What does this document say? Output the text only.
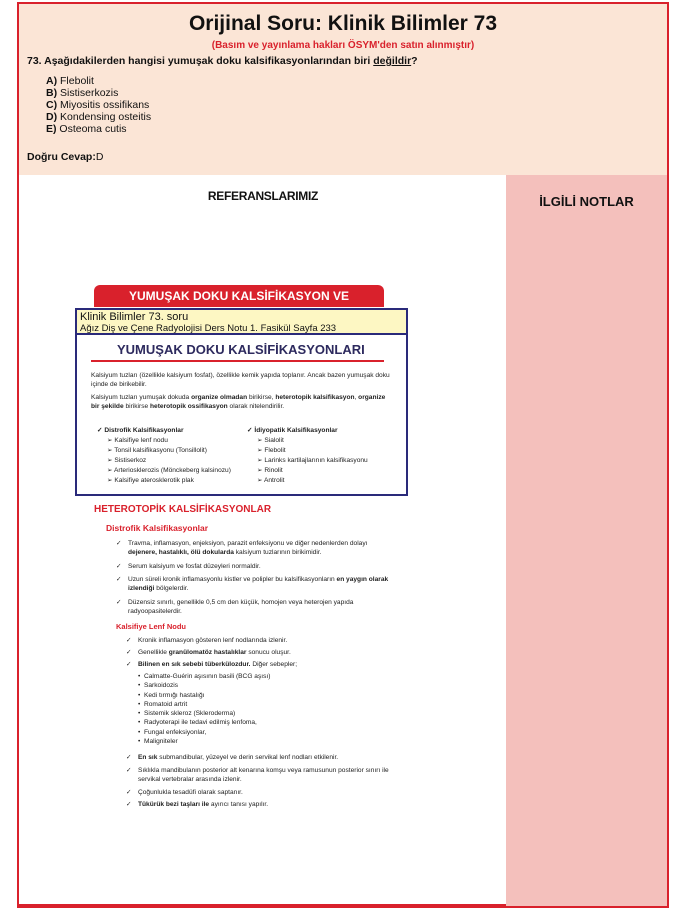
Orijinal Soru: Klinik Bilimler 73
(Basım ve yayınlama hakları ÖSYM'den satın alınmıştır)
73. Aşağıdakilerden hangisi yumuşak doku kalsifikasyonlarından biri değildir?
A) Flebolit
B) Sistiserkozis
C) Miyositis ossifikans
D) Kondensing osteitis
E) Osteoma cutis
Doğru Cevap:D
REFERANSLARIMIZ	İLGİLİ NOTLAR
YUMUŞAK DOKU KALSİFİKASYON VE
Klinik Bilimler 73. soru
Ağız Diş ve Çene Radyolojisi Ders Notu 1. Fasikül Sayfa 233
YUMUŞAK DOKU KALSİFİKASYONLARI
Kalsiyum tuzları (özellikle kalsiyum fosfat), özellikle kemik yapıda toplanır. Ancak bazen yumuşak doku içinde de birikebilir.
Kalsiyum tuzları yumuşak dokuda organize olmadan birikirse, heterotopik kalsifikasyon, organize bir şekilde birikirse heterotopik ossifikasyon olarak nitelendirilir.
✓ Distrofik Kalsifikasyonlar
➢ Kalsifiye lenf nodu
➢ Tonsil kalsifikasyonu (Tonsillolit)
➢ Sistiserkoz
➢ Arteriosklerozis (Mönckeberg kalsinozu)
➢ Kalsifiye aterosklerotik plak
✓ İdiyopatik Kalsifikasyonlar
➢ Sialolit
➢ Flebolit
➢ Larinks kartilajlarının kalsifikasyonu
➢ Rinolit
➢ Antrolit
HETEROTOPİK KALSİFİKASYONLAR
Distrofik Kalsifikasyonlar
✓ Travma, inflamasyon, enjeksiyon, parazit enfeksiyonu ve diğer nedenlerden dolayı dejenere, hastalıklı, ölü dokularda kalsiyum tuzlarının birikimidir.
✓ Serum kalsiyum ve fosfat düzeyleri normaldir.
✓ Uzun süreli kronik inflamasyonlu kistler ve polipler bu kalsifikasyonların en yaygın olarak izlendiği bölgelerdir.
✓ Düzensiz sınırlı, genellikle 0,5 cm den küçük, homojen veya heterojen yapıda radyoopasitelerdir.
Kalsifiye Lenf Nodu
✓ Kronik inflamasyon gösteren lenf nodlarında izlenir.
✓ Genellikle granülomatöz hastalıklar sonucu oluşur.
✓ Bilinen en sık sebebi tüberkülozdur. Diğer sebepler;
•  Calmatte-Guérin aşısının basili (BCG aşısı)
•  Sarkoidozis
•  Kedi tırmığı hastalığı
•  Romatoid artrit
•  Sistemik skleroz (Skleroderma)
•  Radyoterapi ile tedavi edilmiş lenfoma,
•  Fungal enfeksiyonlar,
•  Maligniteler
✓ En sık submandibular, yüzeyel ve derin servikal lenf nodları etkilenir.
✓ Sıklıkla mandibulanın posterior alt kenarına komşu veya ramusunun posterior sınırı ile servikal vertebralar arasında izlenir.
✓ Çoğunlukla tesadüfi olarak saptanır.
✓ Tükürük bezi taşları ile ayırıcı tanısı yapılır.
